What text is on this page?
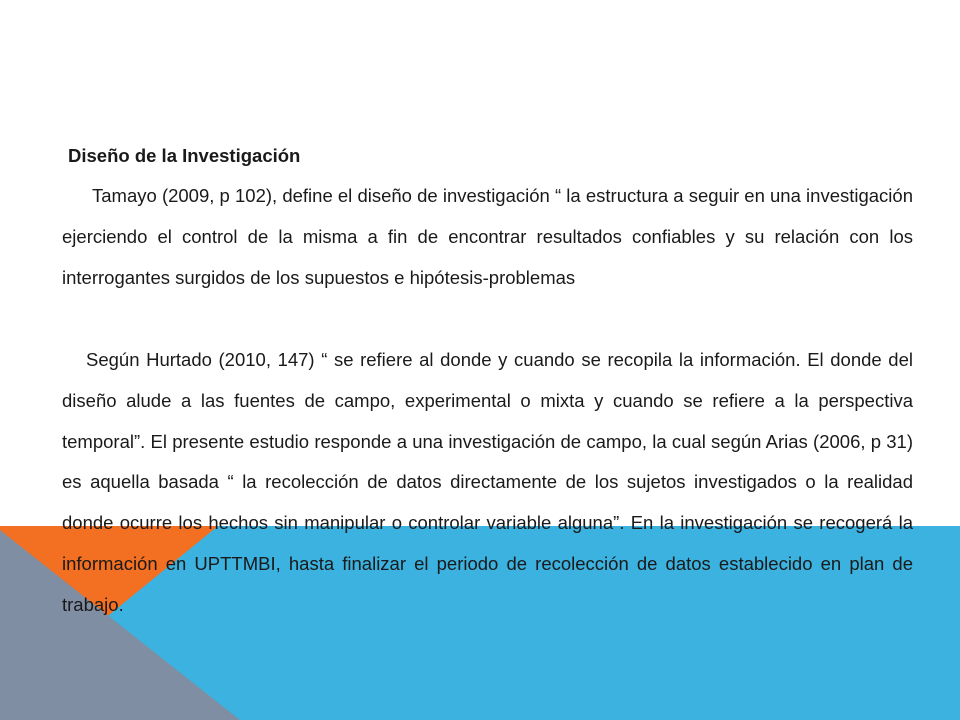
Diseño de la Investigación

Tamayo (2009, p 102), define el diseño de investigación “ la estructura a seguir en una investigación ejerciendo el control de la misma a fin de encontrar resultados confiables y su relación con los interrogantes surgidos de los supuestos e hipótesis-problemas

Según Hurtado (2010, 147) “ se refiere al donde y cuando se recopila la información. El donde del diseño alude a las fuentes de campo, experimental o mixta y cuando se refiere a la perspectiva temporal”. El presente estudio responde a una investigación de campo, la cual según Arias (2006, p 31) es aquella basada “ la recolección de datos directamente de los sujetos investigados o la realidad donde ocurre los hechos sin manipular o controlar variable alguna”. En la investigación se recogerá la información en UPTTMBI, hasta finalizar el periodo de recolección de datos establecido en plan de trabajo.
